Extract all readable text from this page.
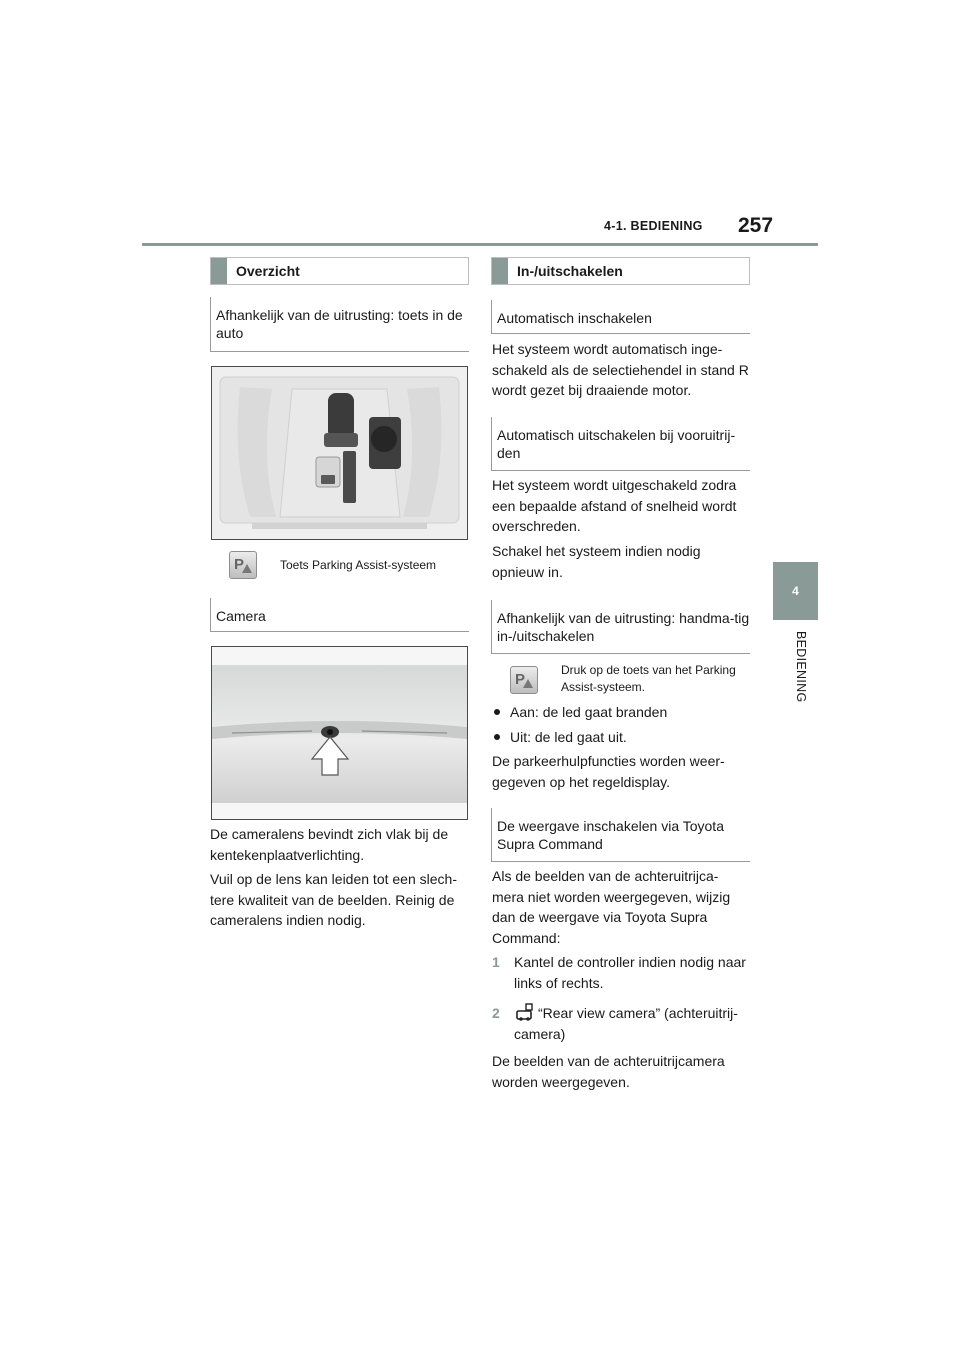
4-1. BEDIENING 257
4
BEDIENING
Overzicht
Afhankelijk van de uitrusting: toets in de auto
P	Toets Parking Assist-systeem
Camera
De cameralens bevindt zich vlak bij de kentekenplaatverlichting.
Vuil op de lens kan leiden tot een slech-tere kwaliteit van de beelden. Reinig de cameralens indien nodig.
In-/uitschakelen
Automatisch inschakelen
Het systeem wordt automatisch inge-schakeld als de selectiehendel in stand R wordt gezet bij draaiende motor.
Automatisch uitschakelen bij vooruitrij-den
Het systeem wordt uitgeschakeld zodra een bepaalde afstand of snelheid wordt overschreden.
Schakel het systeem indien nodig opnieuw in.
Afhankelijk van de uitrusting: handma-tig in-/uitschakelen
P
Druk op de toets van het Parking Assist-systeem.
Aan: de led gaat branden
Uit: de led gaat uit.
De parkeerhulpfuncties worden weer-gegeven op het regeldisplay.
De weergave inschakelen via Toyota Supra Command
Als de beelden van de achteruitrijca-mera niet worden weergegeven, wijzig dan de weergave via Toyota Supra Command:
1 Kantel de controller indien nodig naar links of rechts.
2	“Rear view camera” (achteruitrij-camera)
De beelden van de achteruitrijcamera worden weergegeven.
